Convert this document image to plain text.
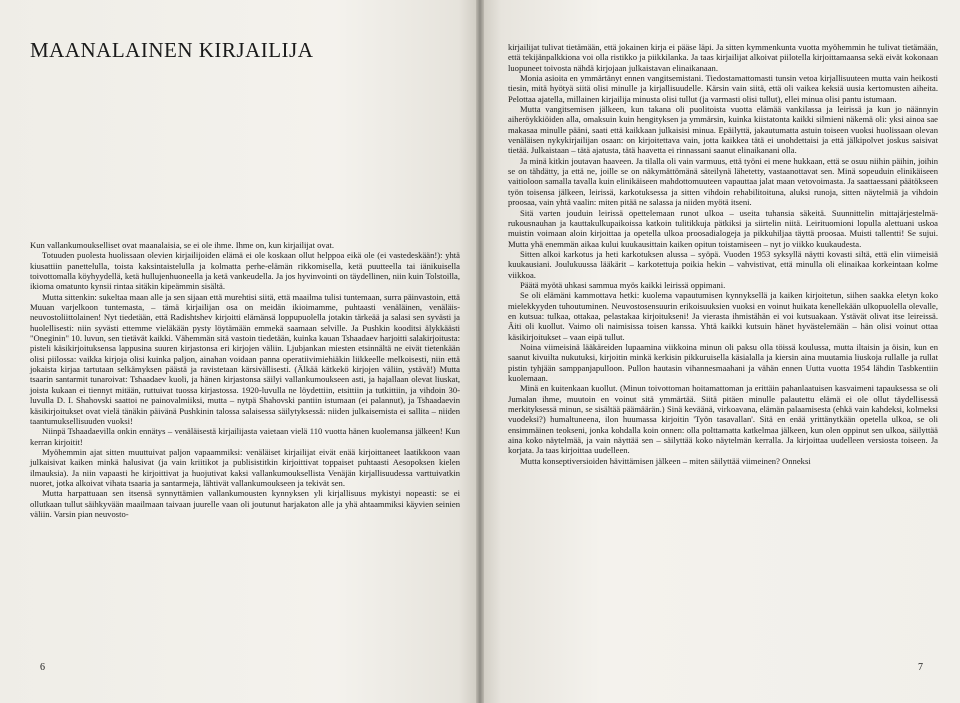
MAANALAINEN KIRJAILIJA

Kun vallankumoukselliset ovat maanalaisia, se ei ole ihme. Ihme on, kun kirjailijat ovat.

Totuuden puolesta huolissaan olevien kirjailijoiden elämä ei ole koskaan ollut helppoa eikä ole (ei vastedeskään!): yhtä kiusattiin panettelulla, toista kaksintaistelulla ja kolmatta perhe-elämän rikkomisella, ketä puutteella tai iänikuisella toivottomalla köyhyydellä, ketä hullujenhuoneella ja ketä vankeudella. Ja jos hyvinvointi on täydellinen, niin kuin Tolstoilla, ikioma omatunto kynsii rintaa sitäkin kipeämmin sisältä.

Mutta sittenkin: sukeltaa maan alle ja sen sijaan että murehtisi siitä, että maailma tulisi tuntemaan, surra päinvastoin, että Muuan varjelkoon tuntemasta, – tämä kirjailijan osa on meidän ikioimamme, puhtaasti venäläinen, venäläis-neuvostoliittolainen! Nyt tiedetään, että Radishtshev kirjoitti elämänsä loppupuolella jotakin tärkeää ja salasi sen syvästi ja huolellisesti: niin syvästi ettemme vieläkään pysty löytämään emmekä saamaan selville. Ja Pushkin kooditsi älykkäästi "Oneginin" 10. luvun, sen tietävät kaikki. Vähemmän sitä vastoin tiedetään, kuinka kauan Tshaadaev harjoitti salakirjoitusta: pisteli käsikirjoituksensa lappusina suuren kirjastonsa eri kirjojen väliin. Ljubjankan miesten etsinnältä ne eivät tietenkään olisi piilossa: vaikka kirjoja olisi kuinka paljon, ainahan voidaan panna operatiivimiehiäkin liikkeelle melkoisesti, niin että jokaista kirjaa tartutaan selkämyksen päästä ja ravistetaan kärsivällisesti. (Älkää kätkekö kirjojen väliin, ystävä!) Mutta tsaarin santarmit tunaroivat: Tshaadaev kuoli, ja hänen kirjastonsa säilyi vallankumoukseen asti, ja hajallaan olevat liuskat, joista kukaan ei tiennyt mitään, ruttuivat tuossa kirjastossa. 1920-luvulla ne löydettiin, etsittiin ja tutkittiin, ja vihdoin 30-luvulla D. I. Shahovski saattoi ne painovalmiiksi, mutta – nytpä Shahovski pantiin istumaan (ei palannut), ja Tshaadaevin käsikirjoitukset ovat vielä tänäkin päivänä Pushkinin talossa salaisessa säilytyksessä: niiden julkaisemista ei sallita – niiden taantumuksellisuuden vuoksi!

Niinpä Tshaadaevilla onkin ennätys – venäläisestä kirjailijasta vaietaan vielä 110 vuotta hänen kuolemansa jälkeen! Kun kerran kirjoitit!

Myöhemmin ajat sitten muuttuivat paljon vapaammiksi: venäläiset kirjailijat eivät enää kirjoittaneet laatikkoon vaan julkaisivat kaiken minkä halusivat (ja vain kriitikot ja publisistitkin kirjoittivat toppaiset puhtaasti Aesopoksen kielen ilmauksia). Ja niin vapaasti he kirjoittivat ja huojutivat kaksi vallankumouksellista Venäjän kirjallisuudessa varttuivatkin nuoret, jotka alkoivat vihata tsaaria ja santarmeja, lähtivät vallankumoukseen ja tekivät sen.

Mutta harpattuaan sen itsensä synnyttämien vallankumousten kynnyksen yli kirjallisuus mykistyi nopeasti: se ei ollutkaan tullut säihkyvään maailmaan taivaan juurelle vaan oli joutunut harjakaton alle ja yhä ahtaammiksi käyvien seinien väliin. Varsin pian neuvosto-

kirjailijat tulivat tietämään, että jokainen kirja ei pääse läpi. Ja sitten kymmenkunta vuotta myöhemmin he tulivat tietämään, että tekijänpalkkiona voi olla ristikko ja piikkilanka. Ja taas kirjailijat alkoivat piilotella kirjoittamaansa sekä eivät kokonaan luopuneet toivosta nähdä kirjojaan julkaistavan elinaikanaan.

Monia asioita en ymmärtänyt ennen vangitsemistani. Tiedostamattomasti tunsin vetoa kirjallisuuteen mutta vain heikosti tiesin, mitä hyötyä siitä olisi minulle ja kirjallisuudelle. Kärsin vain siitä, että oli vaikea keksiä uusia kertomusten aiheita. Pelottaa ajatella, millainen kirjailija minusta olisi tullut (ja varmasti olisi tullut), ellei minua olisi pantu istumaan.

Mutta vangitsemisen jälkeen, kun takana oli puolitoista vuotta elämää vankilassa ja leirissä ja kun jo näännyin aiheröykkiöiden alla, omaksuin kuin hengityksen ja ymmärsin, kuinka kiistatonta kaikki silmieni näkemä oli: yksi ainoa sae makasaa minulle pääni, saati että kaikkaan julkaisisi minua. Epäilyttä, jakautumatta astuin toiseen vuoksi huolissaan olevan venäläisen nykykirjailijan osaan: on kirjoitettava vain, jotta kaikkea tätä ei unohdettaisi ja että jälkipolvet joskus saisivat tietää. Julkaistaan – tätä ajatusta, tätä haavetta ei rinnassani saanut elinaikanani olla.

Ja minä kitkin joutavan haaveen. Ja tilalla oli vain varmuus, että työni ei mene hukkaan, että se osuu niihin päihin, joihin se on tähdätty, ja että ne, joille se on näkymättömänä säteilynä lähetetty, vastaanottavat sen. Minä sopeuduin elinikäiseen vaitioloon samalla tavalla kuin elinikäiseen mahdottomuuteen vapauttaa jalat maan vetovoimasta. Ja saattaessani päätökseen työn toisensa jälkeen, leirissä, karkotuksessa ja sitten vihdoin rehabilitoituna, aluksi runoja, sitten näytelmiä ja vihdoin proosaa, vain yhtä vaalin: miten pitää ne salassa ja niiden myötä itseni.

Sitä varten jouduin leirissä opettelemaan runot ulkoa – useita tuhansia säkeitä. Suunnittelin mittajärjestelmä-rukousnauhan ja kauttakulkupaikoissa katkoin tulitikkuja pätkiksi ja siirtelin niitä. Leirituomioni lopulla alettuani uskoa muistin voimaan aloin kirjoittaa ja opetella ulkoa proosadialogeja ja pikkuhiljaa täyttä proosaa. Muisti tallentti! Se sujui. Mutta yhä enemmän aikaa kului kuukausittain kaiken opitun toistamiseen – nyt jo viikko kuukaudesta.

Sitten alkoi karkotus ja heti karkotuksen alussa – syöpä. Vuoden 1953 syksyllä näytti kovasti siltä, että elin viimeisiä kuukausiani. Joulukuussa lääkärit – karkotettuja poikia hekin – vahvistivat, että minulla oli elinaikaa korkeintaan kolme viikkoa.

Päätä myötä uhkasi sammua myös kaikki leirissä oppimani.

Se oli elämäni kammottava hetki: kuolema vapautumisen kynnyksellä ja kaiken kirjoitetun, siihen saakka eletyn koko mielekkyyden tuhoutuminen. Neuvostosensuurin erikoisuuksien vuoksi en voinut huikata kenellekään ulkopuolella olevalle, en kutsua: tulkaa, ottakaa, pelastakaa kirjoitukseni! Ja vierasta ihmistähän ei voi kutsuakaan. Ystävät olivat itse leireissä. Äiti oli kuollut. Vaimo oli naimisissa toisen kanssa. Yhtä kaikki kutsuin hänet hyvästelemään – hän olisi voinut ottaa käsikirjoitukset – vaan eipä tullut.

Noina viimeisinä lääkäreiden lupaamina viikkoina minun oli paksu olla töissä koulussa, mutta iltaisin ja öisin, kun en saanut kivuilta nukutuksi, kirjoitin minkä kerkisin pikkuruisella käsialalla ja kiersin aina muutamia liuskoja rullalle ja rullat pistin tyhjään samppanjapulloon. Pullon hautasin vihannesmaahani ja vähän ennen Uutta vuotta 1954 lähdin Tasbkentiin kuolemaan.

Minä en kuitenkaan kuollut. (Minun toivottoman hoitamattoman ja erittäin pahanlaatuisen kasvaimeni tapauksessa se oli Jumalan ihme, muutoin en voinut sitä ymmärtää. Siitä pitäen minulle palautettu elämä ei ole ollut täydellisessä merkityksessä minun, se sisältää päämäärän.) Sinä keväänä, virkoavana, elämän palaamisesta (ehkä vain kahdeksi, kolmeksi vuodeksi?) humaltuneena, ilon huumassa kirjoitin 'Työn tasavallan'. Sitä en enää yrittänytkään opetella ulkoa, se oli ensimmäinen teokseni, jonka kohdalla koin onnen: olla polttamatta katkelmaa jälkeen, kun olen oppinut sen ulkoa, säilyttää aina koko näytelmää, ja vain näyttää sen – säilyttää koko näytelmän kerralla. Ja kirjoittaa uudelleen versiosta toiseen. Ja korjata. Ja taas kirjoittaa uudelleen.

Mutta konseptiversioiden hävittämisen jälkeen – miten säilyttää viimeinen? Onneksi

6	7
